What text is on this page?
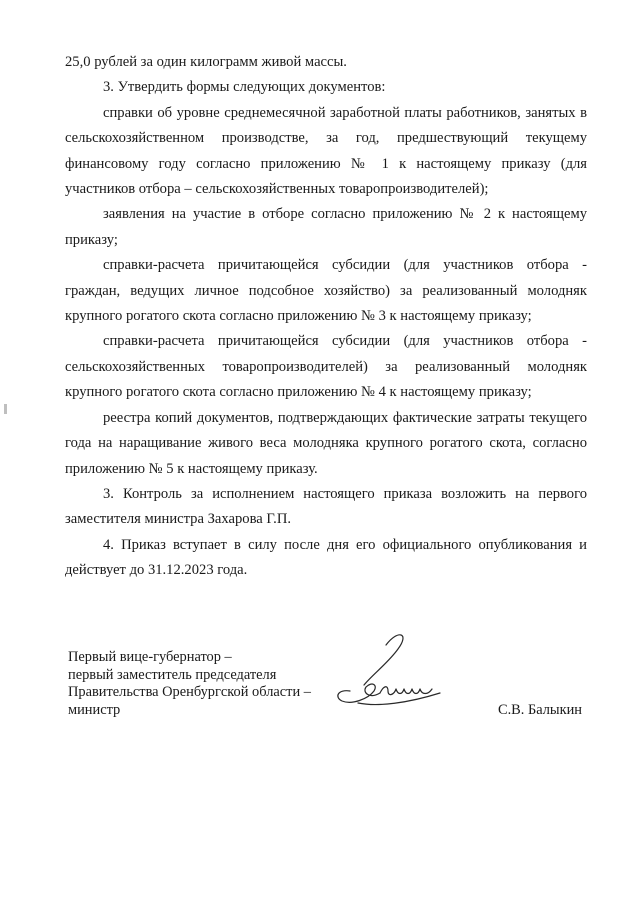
25,0 рублей за один килограмм живой массы.

3. Утвердить формы следующих документов:

справки об уровне среднемесячной заработной платы работников, занятых в сельскохозяйственном производстве, за год, предшествующий текущему финансовому году согласно приложению № 1 к настоящему приказу (для участников отбора – сельскохозяйственных товаропроизводителей);

заявления на участие в отборе согласно приложению № 2 к настоящему приказу;

справки-расчета причитающейся субсидии (для участников отбора - граждан, ведущих личное подсобное хозяйство) за реализованный молодняк крупного рогатого скота согласно приложению № 3 к настоящему приказу;

справки-расчета причитающейся субсидии (для участников отбора - сельскохозяйственных товаропроизводителей) за реализованный молодняк крупного рогатого скота согласно приложению № 4 к настоящему приказу;

реестра копий документов, подтверждающих фактические затраты текущего года на наращивание живого веса молодняка крупного рогатого скота, согласно приложению № 5 к настоящему приказу.

3. Контроль за исполнением настоящего приказа возложить на первого заместителя министра Захарова Г.П.

4. Приказ вступает в силу после дня его официального опубликования и действует до 31.12.2023 года.

Первый вице-губернатор –
первый заместитель председателя
Правительства Оренбургской области –
министр	С.В. Балыкин
